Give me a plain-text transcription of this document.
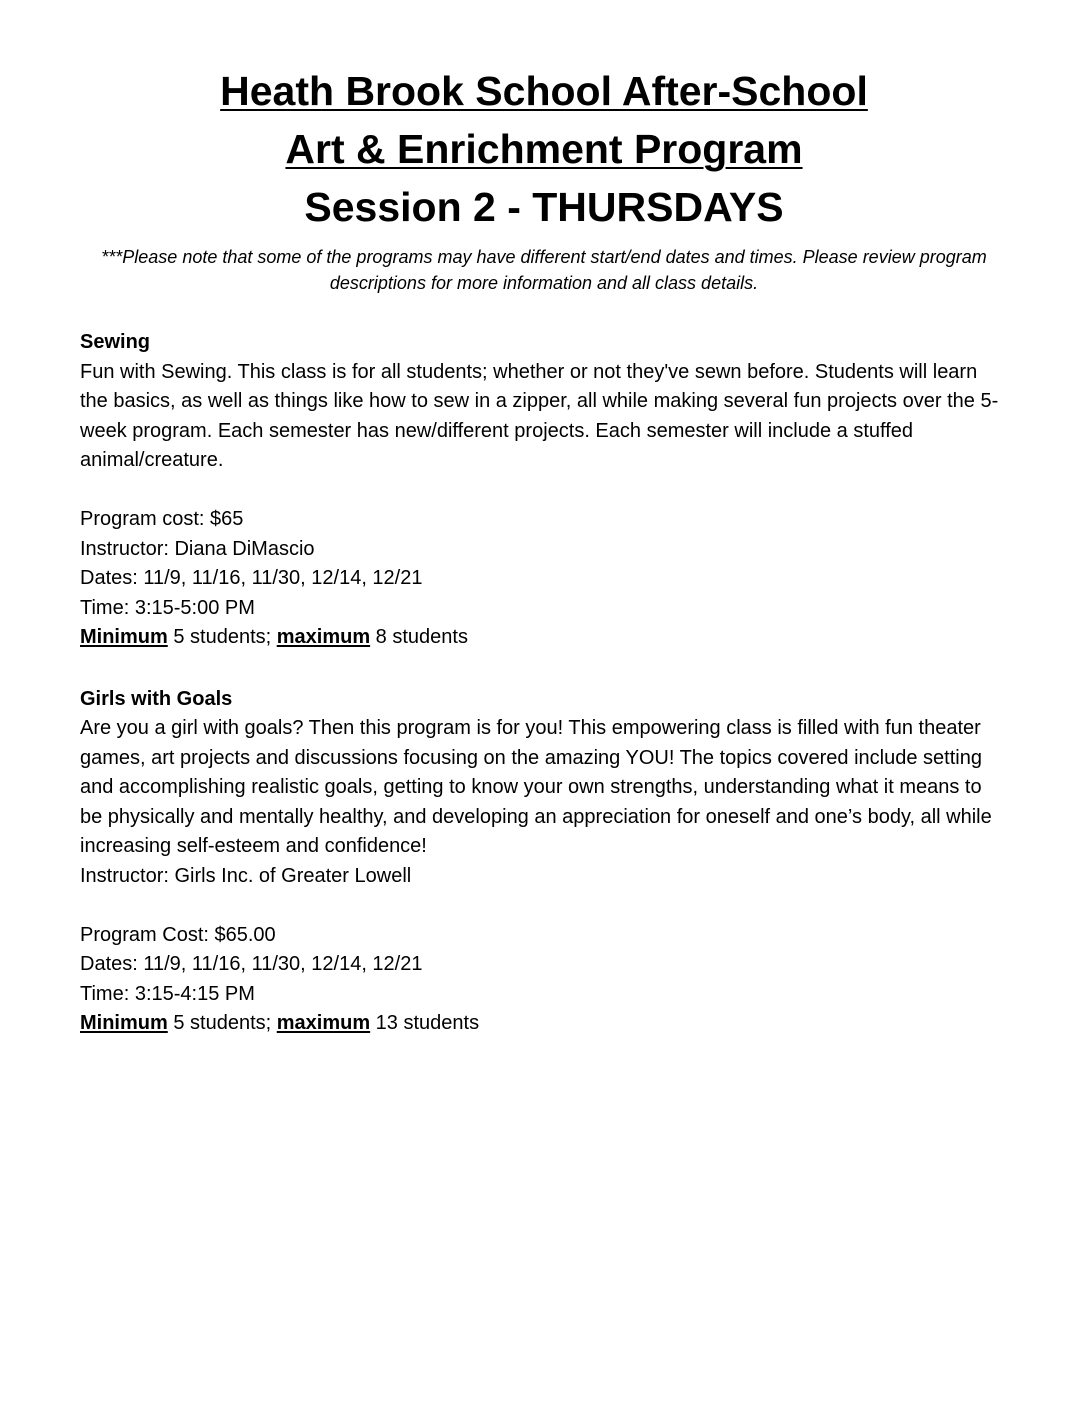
Heath Brook School After-School
Art & Enrichment Program
Session 2 - THURSDAYS

***Please note that some of the programs may have different start/end dates and times. Please review program descriptions for more information and all class details.

Sewing

Fun with Sewing. This class is for all students; whether or not they've sewn before. Students will learn the basics, as well as things like how to sew in a zipper, all while making several fun projects over the 5-week program. Each semester has new/different projects. Each semester will include a stuffed animal/creature.

Program cost: $65
Instructor: Diana DiMascio
Dates: 11/9, 11/16, 11/30, 12/14, 12/21
Time: 3:15-5:00 PM
Minimum 5 students; maximum 8 students
Girls with Goals

Are you a girl with goals? Then this program is for you! This empowering class is filled with fun theater games, art projects and discussions focusing on the amazing YOU! The topics covered include setting and accomplishing realistic goals, getting to know your own strengths, understanding what it means to be physically and mentally healthy, and developing an appreciation for oneself and one’s body, all while increasing self-esteem and confidence!

Instructor: Girls Inc. of Greater Lowell
Program Cost: $65.00
Dates: 11/9, 11/16, 11/30, 12/14, 12/21
Time: 3:15-4:15 PM
Minimum 5 students; maximum 13 students
